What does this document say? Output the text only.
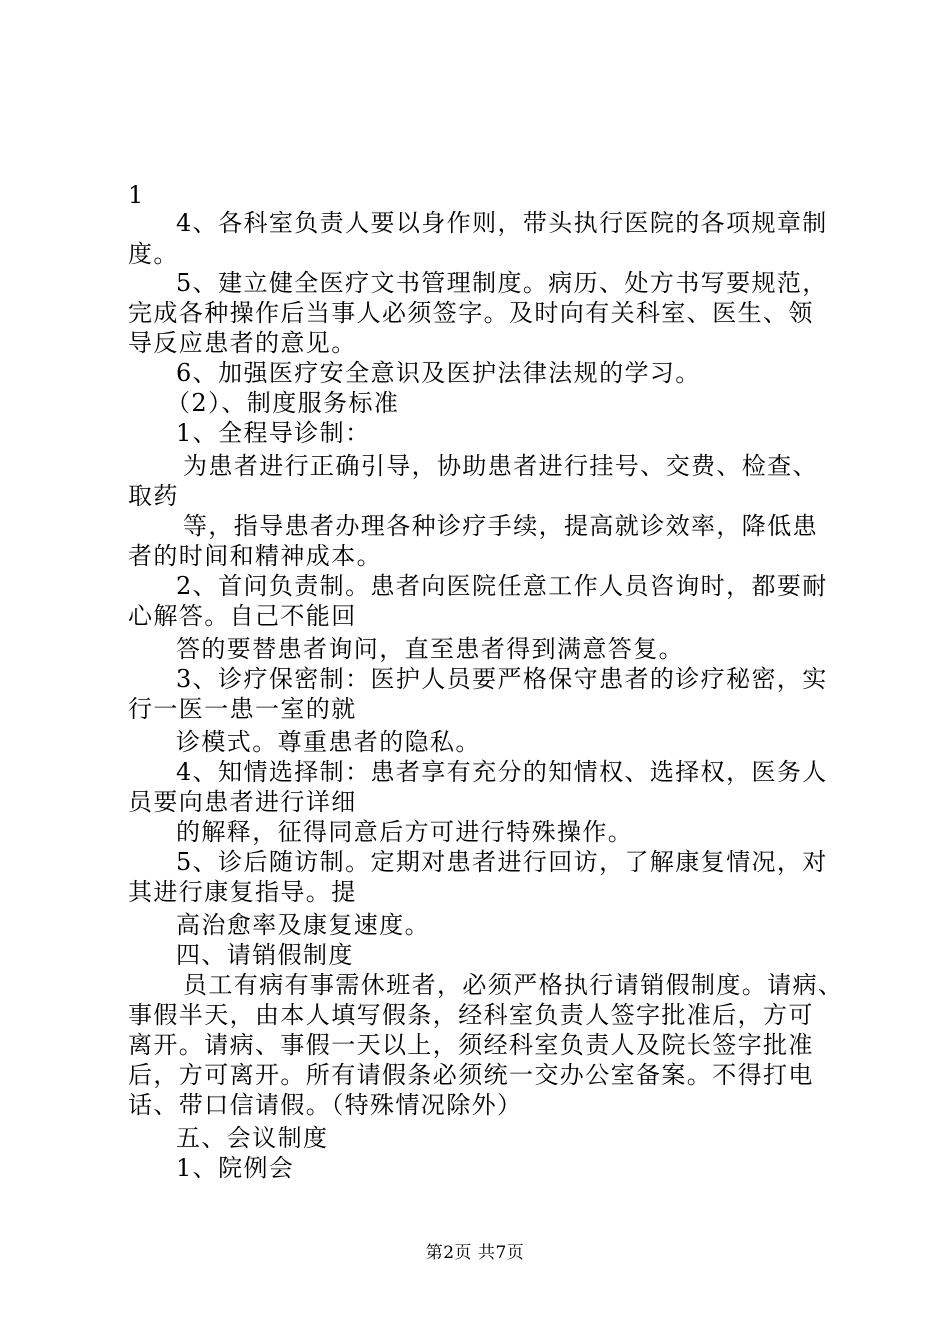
1
4、各科室负责人要以身作则，带头执行医院的各项规章制
度。
5、建立健全医疗文书管理制度。病历、处方书写要规范，
完成各种操作后当事人必须签字。及时向有关科室、医生、领
导反应患者的意见。
6、加强医疗安全意识及医护法律法规的学习。
（2）、制度服务标准
1、全程导诊制：
为患者进行正确引导，协助患者进行挂号、交费、检查、
取药
等，指导患者办理各种诊疗手续，提高就诊效率，降低患
者的时间和精神成本。
2、首问负责制。患者向医院任意工作人员咨询时，都要耐
心解答。自己不能回
答的要替患者询问，直至患者得到满意答复。
3、诊疗保密制：医护人员要严格保守患者的诊疗秘密，实
行一医一患一室的就
诊模式。尊重患者的隐私。
4、知情选择制：患者享有充分的知情权、选择权，医务人
员要向患者进行详细
的解释，征得同意后方可进行特殊操作。
5、诊后随访制。定期对患者进行回访，了解康复情况，对
其进行康复指导。提
高治愈率及康复速度。
四、请销假制度
员工有病有事需休班者，必须严格执行请销假制度。请病、
事假半天，由本人填写假条，经科室负责人签字批准后，方可
离开。请病、事假一天以上，须经科室负责人及院长签字批准
后，方可离开。所有请假条必须统一交办公室备案。不得打电
话、带口信请假。（特殊情况除外）
五、会议制度
1、院例会
第2页 共7页
